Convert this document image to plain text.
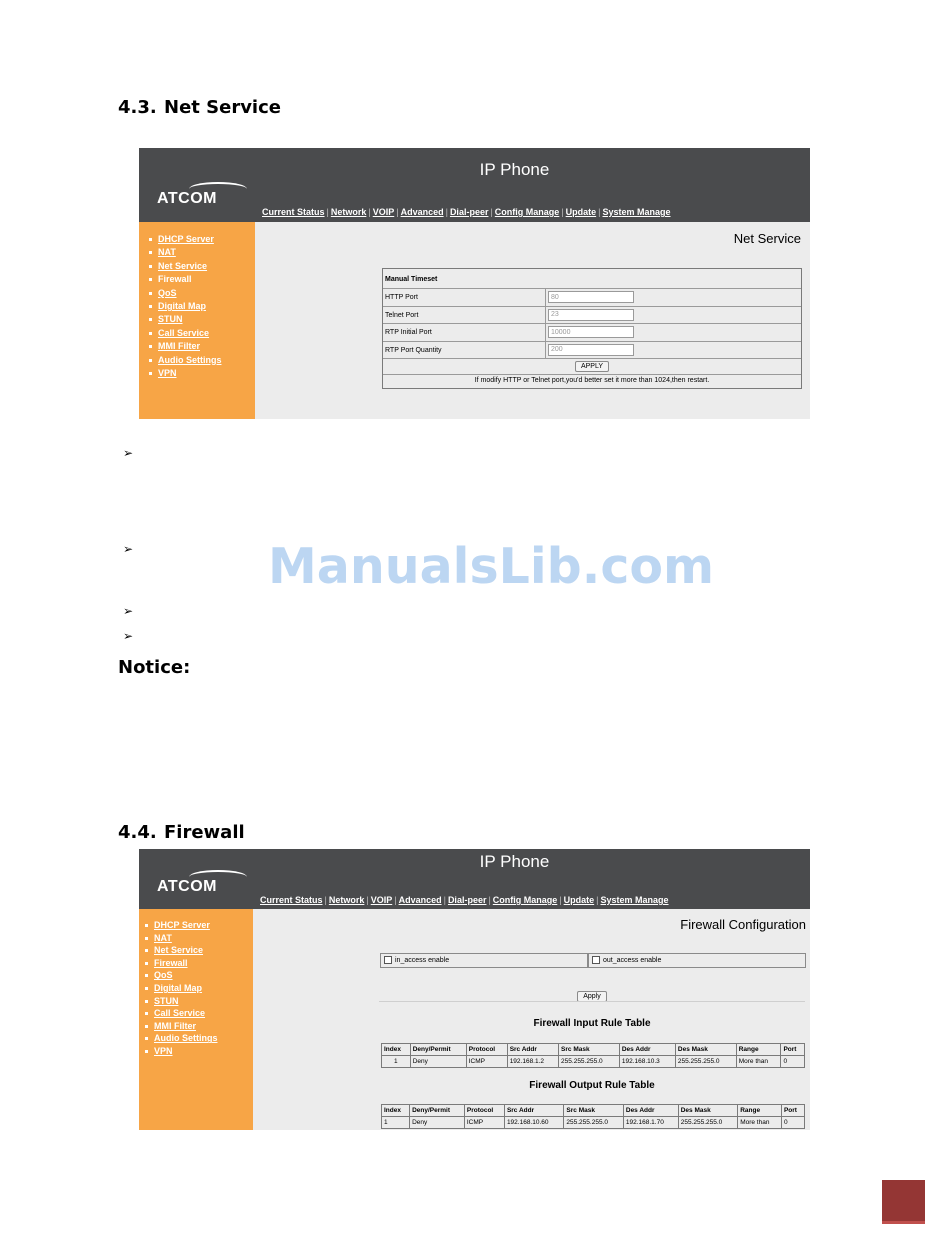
4.3. Net Service
IP Phone
ATCOM
Current Status | Network | VOIP | Advanced | Dial-peer | Config Manage | Update | System Manage
DHCP Server
NAT
Net Service
Firewall
QoS
Digital Map
STUN
Call Service
MMI Filter
Audio Settings
VPN
Net Service
Manual Timeset
HTTP Port
80
Telnet Port
23
RTP Initial Port
10000
RTP Port Quantity
200
APPLY
If modify HTTP or Telnet port,you'd better set it more than 1024,then restart.
➢
➢
➢
➢
ManualsLib.com
Notice:
4.4. Firewall
IP Phone
ATCOM
Current Status | Network | VOIP | Advanced | Dial-peer | Config Manage | Update | System Manage
DHCP Server
NAT
Net Service
Firewall
QoS
Digital Map
STUN
Call Service
MMI Filter
Audio Settings
VPN
Firewall Configuration
in_access enable	out_access enable
Apply
Firewall Input Rule Table
Index	Deny/Permit	Protocol	Src Addr	Src Mask	Des Addr	Des Mask	Range	Port
1	Deny	ICMP	192.168.1.2	255.255.255.0	192.168.10.3	255.255.255.0	More than	0
Firewall Output Rule Table
Index	Deny/Permit	Protocol	Src Addr	Src Mask	Des Addr	Des Mask	Range	Port
1	Deny	ICMP	192.168.10.60	255.255.255.0	192.168.1.70	255.255.255.0	More than	0
